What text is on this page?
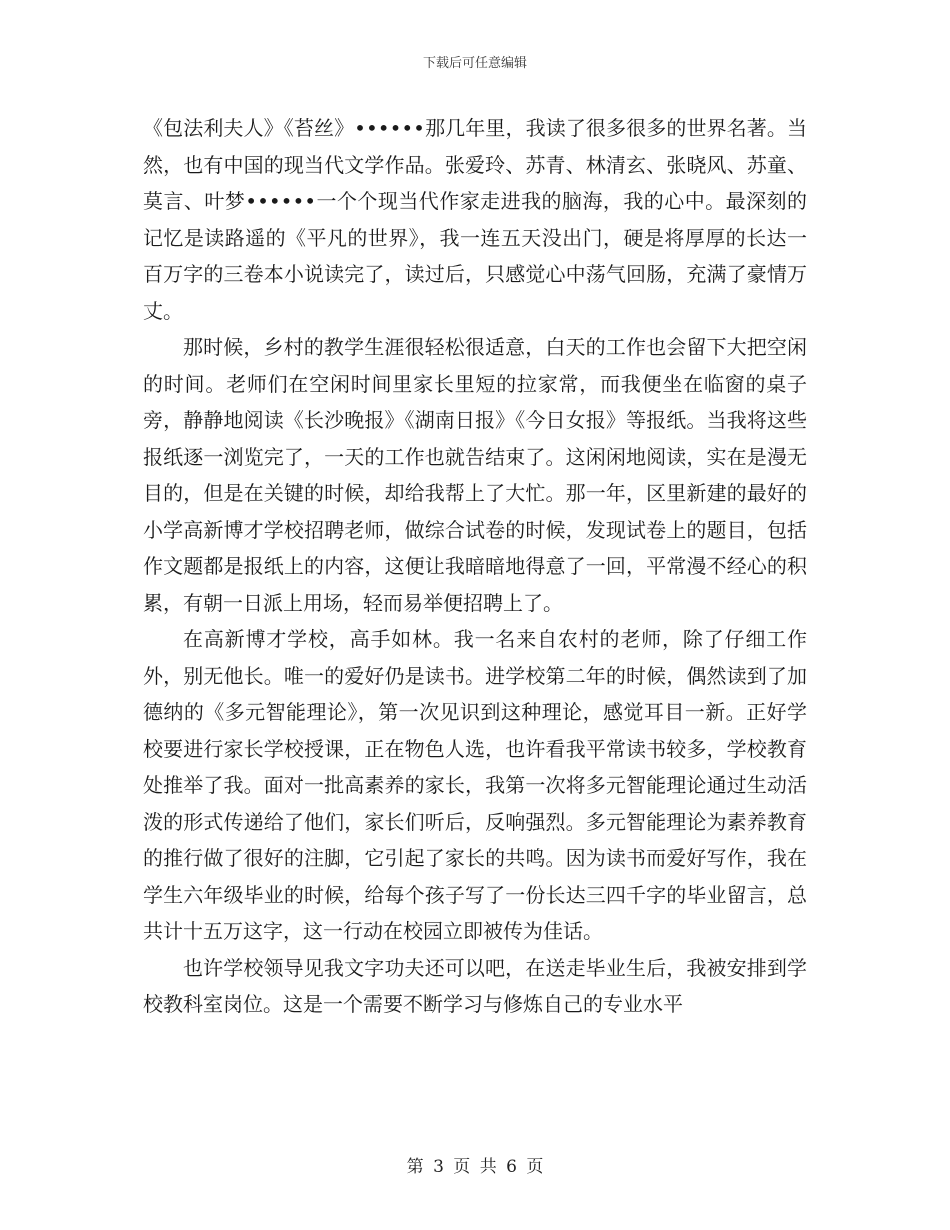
下载后可任意编辑

《包法利夫人》《苔丝》••••••那几年里，我读了很多很多的世界名著。当然，也有中国的现当代文学作品。张爱玲、苏青、林清玄、张晓风、苏童、莫言、叶梦••••••一个个现当代作家走进我的脑海，我的心中。最深刻的记忆是读路遥的《平凡的世界》，我一连五天没出门，硬是将厚厚的长达一百万字的三卷本小说读完了，读过后，只感觉心中荡气回肠，充满了豪情万丈。

那时候，乡村的教学生涯很轻松很适意，白天的工作也会留下大把空闲的时间。老师们在空闲时间里家长里短的拉家常，而我便坐在临窗的桌子旁，静静地阅读《长沙晚报》《湖南日报》《今日女报》等报纸。当我将这些报纸逐一浏览完了，一天的工作也就告结束了。这闲闲地阅读，实在是漫无目的，但是在关键的时候，却给我帮上了大忙。那一年，区里新建的最好的小学高新博才学校招聘老师，做综合试卷的时候，发现试卷上的题目，包括作文题都是报纸上的内容，这便让我暗暗地得意了一回，平常漫不经心的积累，有朝一日派上用场，轻而易举便招聘上了。

在高新博才学校，高手如林。我一名来自农村的老师，除了仔细工作外，别无他长。唯一的爱好仍是读书。进学校第二年的时候，偶然读到了加德纳的《多元智能理论》，第一次见识到这种理论，感觉耳目一新。正好学校要进行家长学校授课，正在物色人选，也许看我平常读书较多，学校教育处推举了我。面对一批高素养的家长，我第一次将多元智能理论通过生动活泼的形式传递给了他们，家长们听后，反响强烈。多元智能理论为素养教育的推行做了很好的注脚，它引起了家长的共鸣。因为读书而爱好写作，我在学生六年级毕业的时候，给每个孩子写了一份长达三四千字的毕业留言，总共计十五万这字，这一行动在校园立即被传为佳话。

也许学校领导见我文字功夫还可以吧，在送走毕业生后，我被安排到学校教科室岗位。这是一个需要不断学习与修炼自己的专业水平

第 3 页 共 6 页
